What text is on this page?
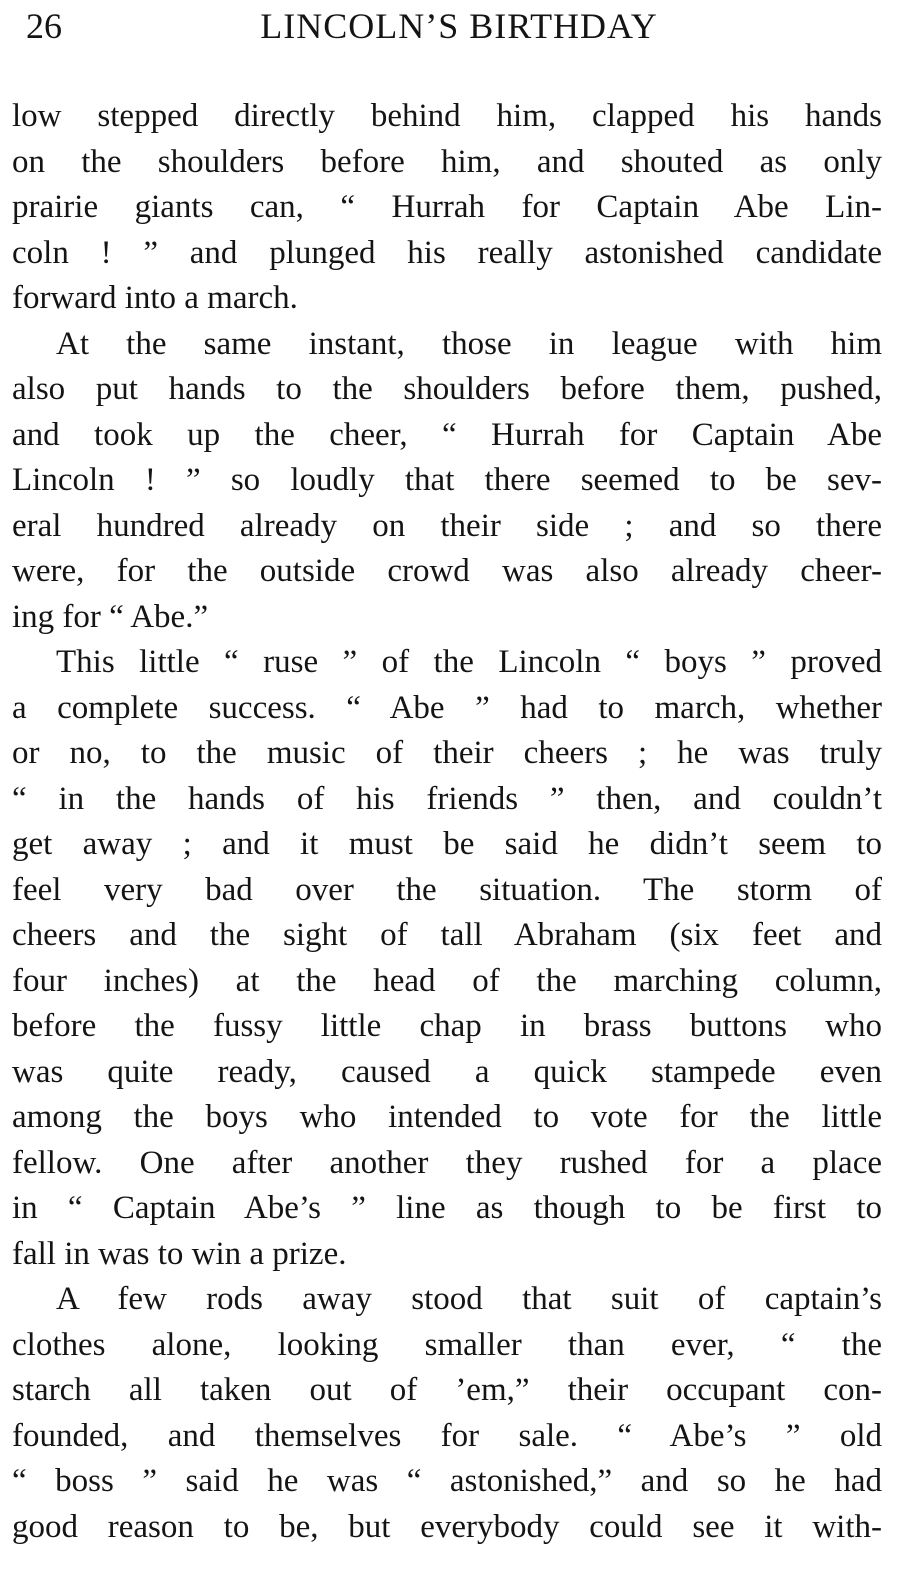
26	LINCOLN’S BIRTHDAY
low stepped directly behind him, clapped his hands
on the shoulders before him, and shouted as only
prairie giants can, “ Hurrah for Captain Abe Lin-
coln ! ” and plunged his really astonished candidate
forward into a march.
At the same instant, those in league with him
also put hands to the shoulders before them, pushed,
and took up the cheer, “ Hurrah for Captain Abe
Lincoln ! ” so loudly that there seemed to be sev-
eral hundred already on their side ; and so there
were, for the outside crowd was also already cheer-
ing for “ Abe.”
This little “ ruse ” of the Lincoln “ boys ” proved
a complete success. “ Abe ” had to march, whether
or no, to the music of their cheers ; he was truly
“ in the hands of his friends ” then, and couldn’t
get away ; and it must be said he didn’t seem to
feel very bad over the situation. The storm of
cheers and the sight of tall Abraham (six feet and
four inches) at the head of the marching column,
before the fussy little chap in brass buttons who
was quite ready, caused a quick stampede even
among the boys who intended to vote for the little
fellow. One after another they rushed for a place
in “ Captain Abe’s ” line as though to be first to
fall in was to win a prize.
A few rods away stood that suit of captain’s
clothes alone, looking smaller than ever, “ the
starch all taken out of ’em,” their occupant con-
founded, and themselves for sale. “ Abe’s ” old
“ boss ” said he was “ astonished,” and so he had
good reason to be, but everybody could see it with-
